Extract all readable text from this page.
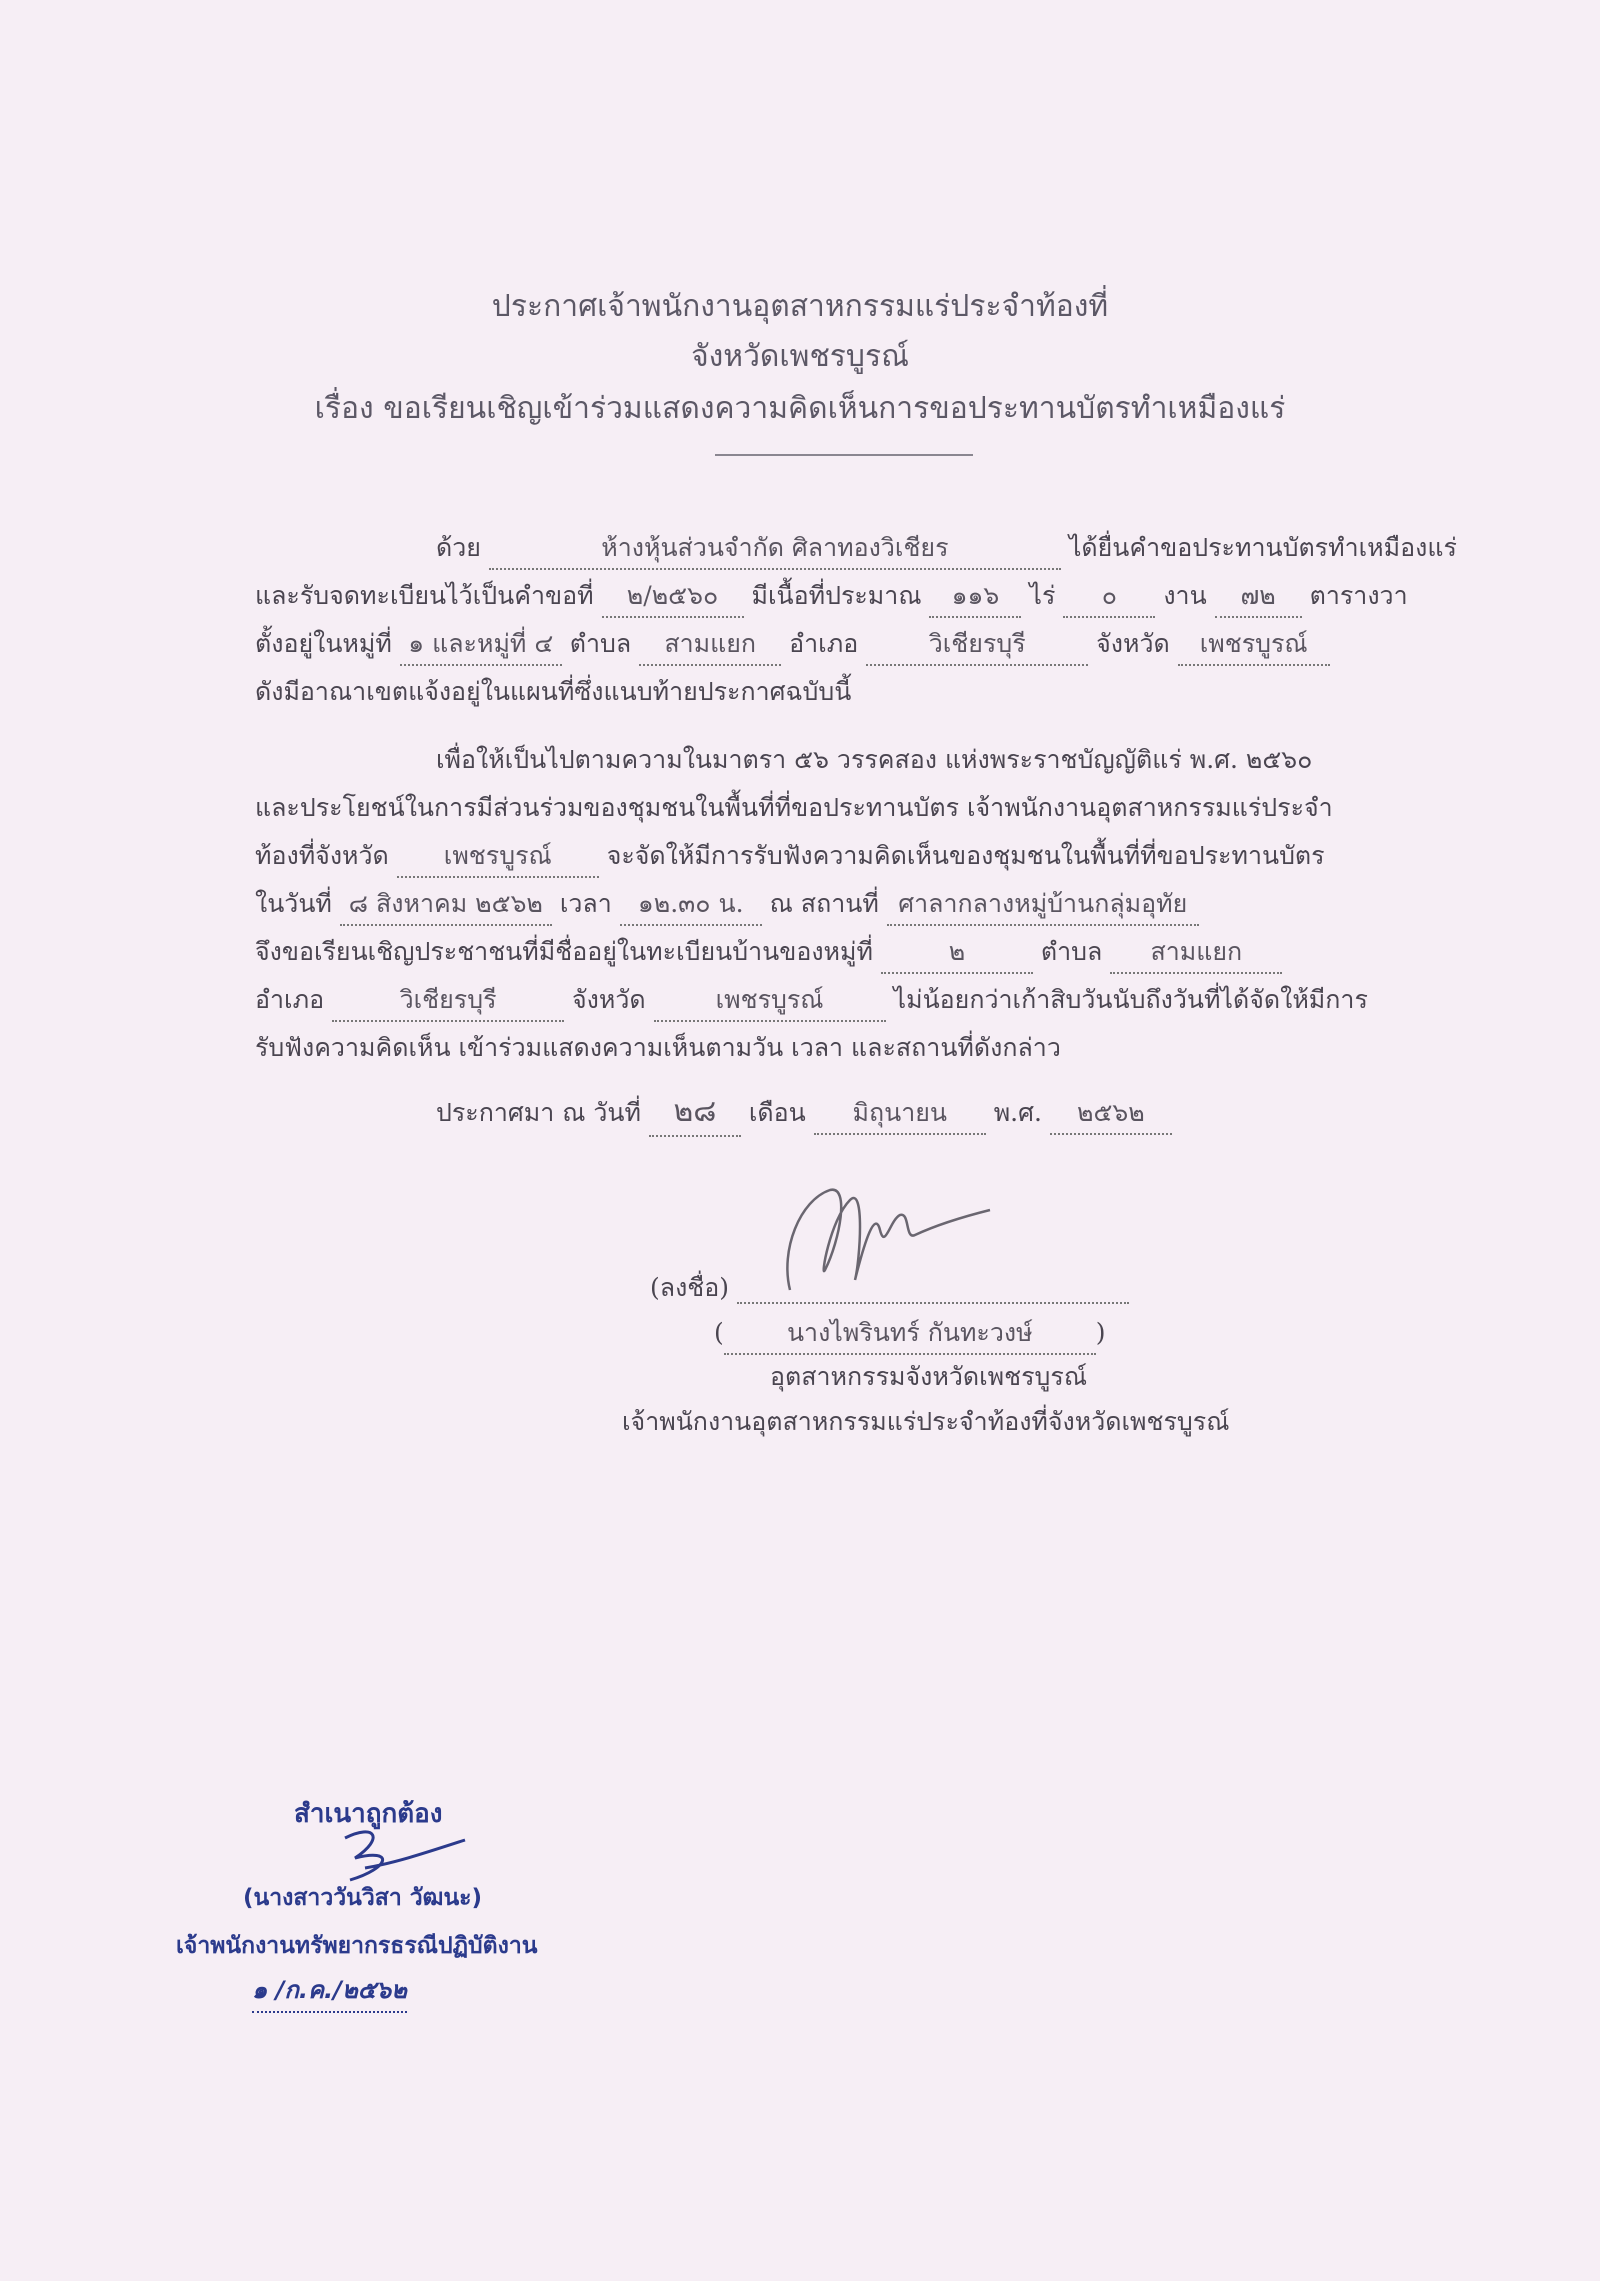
ประกาศเจ้าพนักงานอุตสาหกรรมแร่ประจำท้องที่
จังหวัดเพชรบูรณ์
เรื่อง ขอเรียนเชิญเข้าร่วมแสดงความคิดเห็นการขอประทานบัตรทำเหมืองแร่
ด้วย	ห้างหุ้นส่วนจำกัด ศิลาทองวิเชียร	ได้ยื่นคำขอประทานบัตรทำเหมืองแร่
และรับจดทะเบียนไว้เป็นคำขอที่ ๒/๒๕๖๐ มีเนื้อที่ประมาณ ๑๑๖ ไร่ ๐ งาน ๗๒ ตารางวา
ตั้งอยู่ในหมู่ที่ ๑ และหมู่ที่ ๔ ตำบล สามแยก อำเภอ	วิเชียรบุรี	จังหวัด เพชรบูรณ์
ดังมีอาณาเขตแจ้งอยู่ในแผนที่ซึ่งแนบท้ายประกาศฉบับนี้
เพื่อให้เป็นไปตามความในมาตรา ๕๖ วรรคสอง แห่งพระราชบัญญัติแร่ พ.ศ. ๒๕๖๐
และประโยชน์ในการมีส่วนร่วมของชุมชนในพื้นที่ที่ขอประทานบัตร เจ้าพนักงานอุตสาหกรรมแร่ประจำ
ท้องที่จังหวัด เพชรบูรณ์ จะจัดให้มีการรับฟังความคิดเห็นของชุมชนในพื้นที่ที่ขอประทานบัตร
ในวันที่ ๘ สิงหาคม ๒๕๖๒ เวลา ๑๒.๓๐ น. ณ สถานที่ ศาลากลางหมู่บ้านกลุ่มอุทัย
จึงขอเรียนเชิญประชาชนที่มีชื่ออยู่ในทะเบียนบ้านของหมู่ที่	๒	ตำบล สามแยก
อำเภอ	วิเชียรบุรี	จังหวัด	เพชรบูรณ์	ไม่น้อยกว่าเก้าสิบวันนับถึงวันที่ได้จัดให้มีการ
รับฟังความคิดเห็น เข้าร่วมแสดงความเห็นตามวัน เวลา และสถานที่ดังกล่าว
ประกาศมา ณ วันที่ ๒๘ เดือน มิถุนายน พ.ศ. ๒๕๖๒
(ลงชื่อ)
(	นางไพรินทร์ กันทะวงษ์	)
อุตสาหกรรมจังหวัดเพชรบูรณ์
เจ้าพนักงานอุตสาหกรรมแร่ประจำท้องที่จังหวัดเพชรบูรณ์
สำเนาถูกต้อง
(นางสาววันวิสา วัฒนะ)
เจ้าพนักงานทรัพยากรธรณีปฏิบัติงาน
๑ /ก.ค./๒๕๖๒
